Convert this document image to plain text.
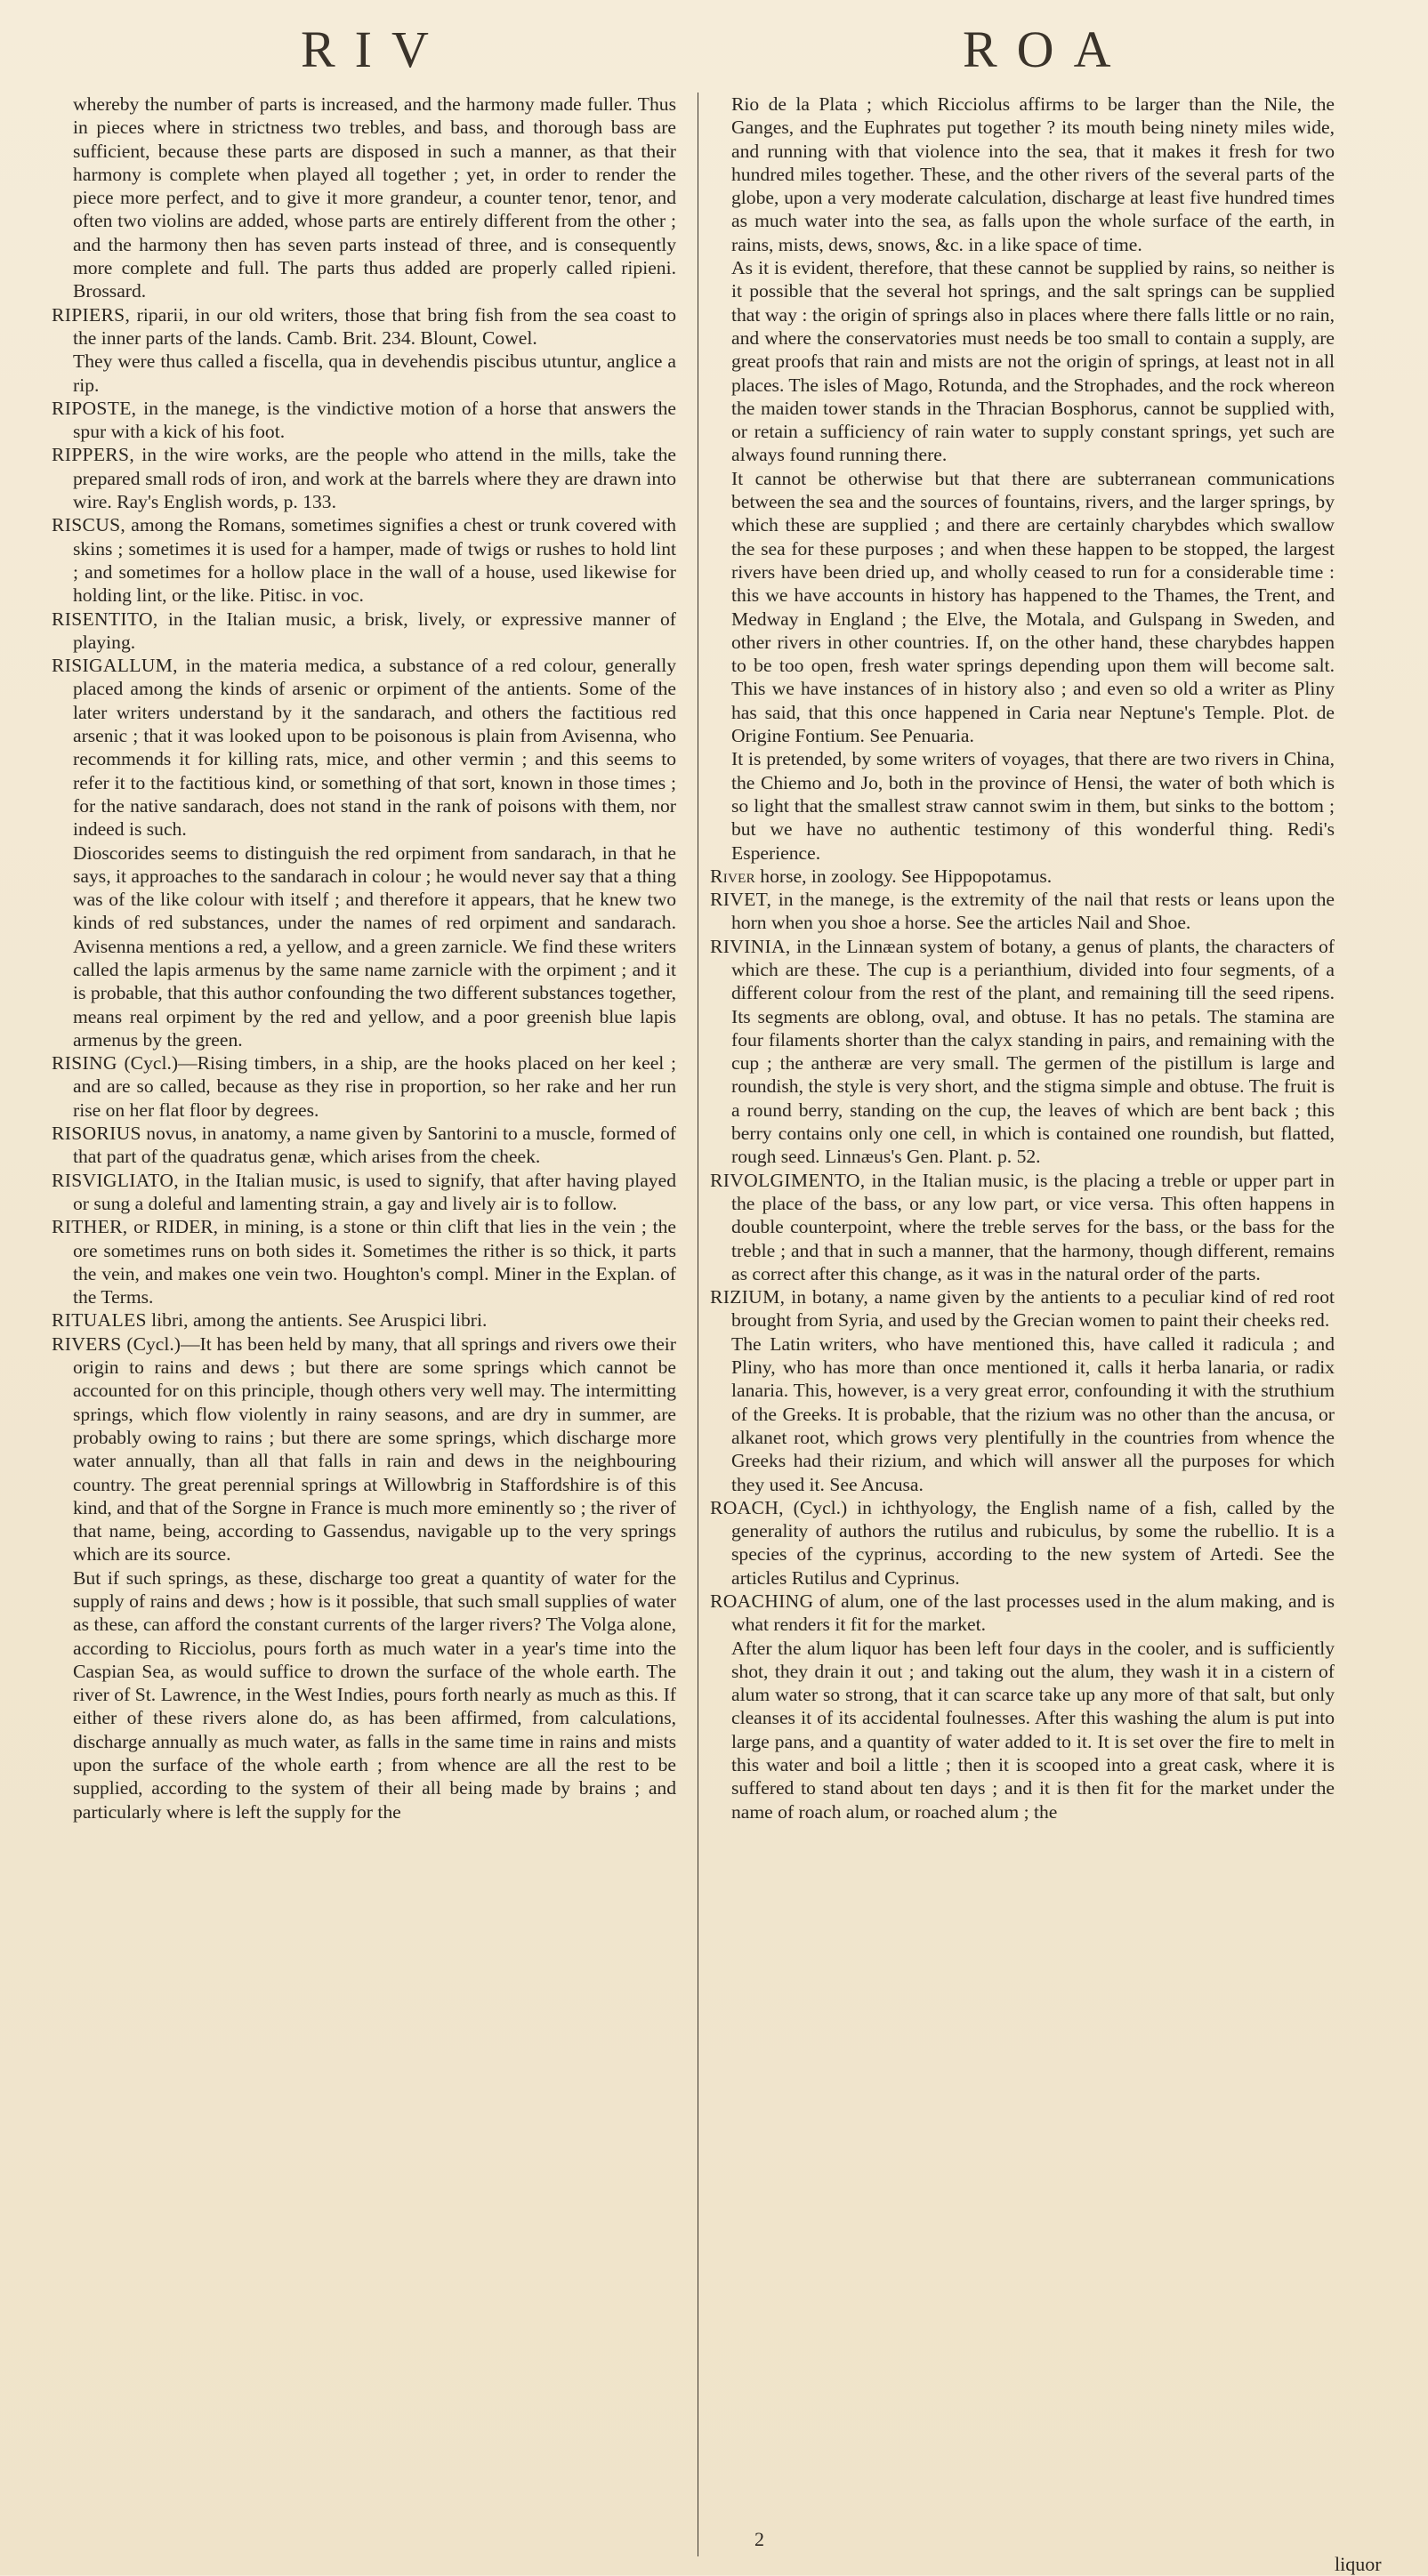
RIV	ROA

whereby the number of parts is increased, and the harmony made fuller. Thus in pieces where in strictness two trebles, and bass, and thorough bass are sufficient, because these parts are disposed in such a manner, as that their harmony is complete when played all together ; yet, in order to render the piece more perfect, and to give it more grandeur, a counter tenor, tenor, and often two violins are added, whose parts are entirely different from the other ; and the harmony then has seven parts instead of three, and is consequently more complete and full. The parts thus added are properly called ripieni. Brossard.

RIPIERS, riparii, in our old writers, those that bring fish from the sea coast to the inner parts of the lands. Camb. Brit. 234. Blount, Cowel.

They were thus called a fiscella, qua in devehendis piscibus utuntur, anglice a rip.

RIPOSTE, in the manege, is the vindictive motion of a horse that answers the spur with a kick of his foot.

RIPPERS, in the wire works, are the people who attend in the mills, take the prepared small rods of iron, and work at the barrels where they are drawn into wire. Ray's English words, p. 133.

RISCUS, among the Romans, sometimes signifies a chest or trunk covered with skins ; sometimes it is used for a hamper, made of twigs or rushes to hold lint ; and sometimes for a hollow place in the wall of a house, used likewise for holding lint, or the like. Pitisc. in voc.

RISENTITO, in the Italian music, a brisk, lively, or expressive manner of playing.

RISIGALLUM, in the materia medica, a substance of a red colour, generally placed among the kinds of arsenic or orpiment of the antients. Some of the later writers understand by it the sandarach, and others the factitious red arsenic ; that it was looked upon to be poisonous is plain from Avisenna, who recommends it for killing rats, mice, and other vermin ; and this seems to refer it to the factitious kind, or something of that sort, known in those times ; for the native sandarach, does not stand in the rank of poisons with them, nor indeed is such.

Dioscorides seems to distinguish the red orpiment from sandarach, in that he says, it approaches to the sandarach in colour ; he would never say that a thing was of the like colour with itself ; and therefore it appears, that he knew two kinds of red substances, under the names of red orpiment and sandarach. Avisenna mentions a red, a yellow, and a green zarnicle. We find these writers called the lapis armenus by the same name zarnicle with the orpiment ; and it is probable, that this author confounding the two different substances together, means real orpiment by the red and yellow, and a poor greenish blue lapis armenus by the green.

RISING (Cycl.)—Rising timbers, in a ship, are the hooks placed on her keel ; and are so called, because as they rise in proportion, so her rake and her run rise on her flat floor by degrees.

RISORIUS novus, in anatomy, a name given by Santorini to a muscle, formed of that part of the quadratus genæ, which arises from the cheek.

RISVIGLIATO, in the Italian music, is used to signify, that after having played or sung a doleful and lamenting strain, a gay and lively air is to follow.

RITHER, or RIDER, in mining, is a stone or thin clift that lies in the vein ; the ore sometimes runs on both sides it. Sometimes the rither is so thick, it parts the vein, and makes one vein two. Houghton's compl. Miner in the Explan. of the Terms.

RITUALES libri, among the antients. See Aruspici libri.

RIVERS (Cycl.)—It has been held by many, that all springs and rivers owe their origin to rains and dews ; but there are some springs which cannot be accounted for on this principle, though others very well may. The intermitting springs, which flow violently in rainy seasons, and are dry in summer, are probably owing to rains ; but there are some springs, which discharge more water annually, than all that falls in rain and dews in the neighbouring country. The great perennial springs at Willowbrig in Staffordshire is of this kind, and that of the Sorgne in France is much more eminently so ; the river of that name, being, according to Gassendus, navigable up to the very springs which are its source.

But if such springs, as these, discharge too great a quantity of water for the supply of rains and dews ; how is it possible, that such small supplies of water as these, can afford the constant currents of the larger rivers? The Volga alone, according to Ricciolus, pours forth as much water in a year's time into the Caspian Sea, as would suffice to drown the surface of the whole earth. The river of St. Lawrence, in the West Indies, pours forth nearly as much as this. If either of these rivers alone do, as has been affirmed, from calculations, discharge annually as much water, as falls in the same time in rains and mists upon the surface of the whole earth ; from whence are all the rest to be supplied, according to the system of their all being made by brains ; and particularly where is left the supply for the

Rio de la Plata ; which Ricciolus affirms to be larger than the Nile, the Ganges, and the Euphrates put together ? its mouth being ninety miles wide, and running with that violence into the sea, that it makes it fresh for two hundred miles together. These, and the other rivers of the several parts of the globe, upon a very moderate calculation, discharge at least five hundred times as much water into the sea, as falls upon the whole surface of the earth, in rains, mists, dews, snows, &c. in a like space of time.

As it is evident, therefore, that these cannot be supplied by rains, so neither is it possible that the several hot springs, and the salt springs can be supplied that way : the origin of springs also in places where there falls little or no rain, and where the conservatories must needs be too small to contain a supply, are great proofs that rain and mists are not the origin of springs, at least not in all places. The isles of Mago, Rotunda, and the Strophades, and the rock whereon the maiden tower stands in the Thracian Bosphorus, cannot be supplied with, or retain a sufficiency of rain water to supply constant springs, yet such are always found running there.

It cannot be otherwise but that there are subterranean communications between the sea and the sources of fountains, rivers, and the larger springs, by which these are supplied ; and there are certainly charybdes which swallow the sea for these purposes ; and when these happen to be stopped, the largest rivers have been dried up, and wholly ceased to run for a considerable time : this we have accounts in history has happened to the Thames, the Trent, and Medway in England ; the Elve, the Motala, and Gulspang in Sweden, and other rivers in other countries. If, on the other hand, these charybdes happen to be too open, fresh water springs depending upon them will become salt. This we have instances of in history also ; and even so old a writer as Pliny has said, that this once happened in Caria near Neptune's Temple. Plot. de Origine Fontium. See Penuaria.

It is pretended, by some writers of voyages, that there are two rivers in China, the Chiemo and Jo, both in the province of Hensi, the water of both which is so light that the smallest straw cannot swim in them, but sinks to the bottom ; but we have no authentic testimony of this wonderful thing. Redi's Esperience.

River horse, in zoology. See Hippopotamus.

RIVET, in the manege, is the extremity of the nail that rests or leans upon the horn when you shoe a horse. See the articles Nail and Shoe.

RIVINIA, in the Linnæan system of botany, a genus of plants, the characters of which are these. The cup is a perianthium, divided into four segments, of a different colour from the rest of the plant, and remaining till the seed ripens. Its segments are oblong, oval, and obtuse. It has no petals. The stamina are four filaments shorter than the calyx standing in pairs, and remaining with the cup ; the antheræ are very small. The germen of the pistillum is large and roundish, the style is very short, and the stigma simple and obtuse. The fruit is a round berry, standing on the cup, the leaves of which are bent back ; this berry contains only one cell, in which is contained one roundish, but flatted, rough seed. Linnæus's Gen. Plant. p. 52.

RIVOLGIMENTO, in the Italian music, is the placing a treble or upper part in the place of the bass, or any low part, or vice versa. This often happens in double counterpoint, where the treble serves for the bass, or the bass for the treble ; and that in such a manner, that the harmony, though different, remains as correct after this change, as it was in the natural order of the parts.

RIZIUM, in botany, a name given by the antients to a peculiar kind of red root brought from Syria, and used by the Grecian women to paint their cheeks red.

The Latin writers, who have mentioned this, have called it radicula ; and Pliny, who has more than once mentioned it, calls it herba lanaria, or radix lanaria. This, however, is a very great error, confounding it with the struthium of the Greeks. It is probable, that the rizium was no other than the ancusa, or alkanet root, which grows very plentifully in the countries from whence the Greeks had their rizium, and which will answer all the purposes for which they used it. See Ancusa.

ROACH, (Cycl.) in ichthyology, the English name of a fish, called by the generality of authors the rutilus and rubiculus, by some the rubellio. It is a species of the cyprinus, according to the new system of Artedi. See the articles Rutilus and Cyprinus.

ROACHING of alum, one of the last processes used in the alum making, and is what renders it fit for the market.

After the alum liquor has been left four days in the cooler, and is sufficiently shot, they drain it out ; and taking out the alum, they wash it in a cistern of alum water so strong, that it can scarce take up any more of that salt, but only cleanses it of its accidental foulnesses. After this washing the alum is put into large pans, and a quantity of water added to it. It is set over the fire to melt in this water and boil a little ; then it is scooped into a great cask, where it is suffered to stand about ten days ; and it is then fit for the market under the name of roach alum, or roached alum ; the

2
liquor
